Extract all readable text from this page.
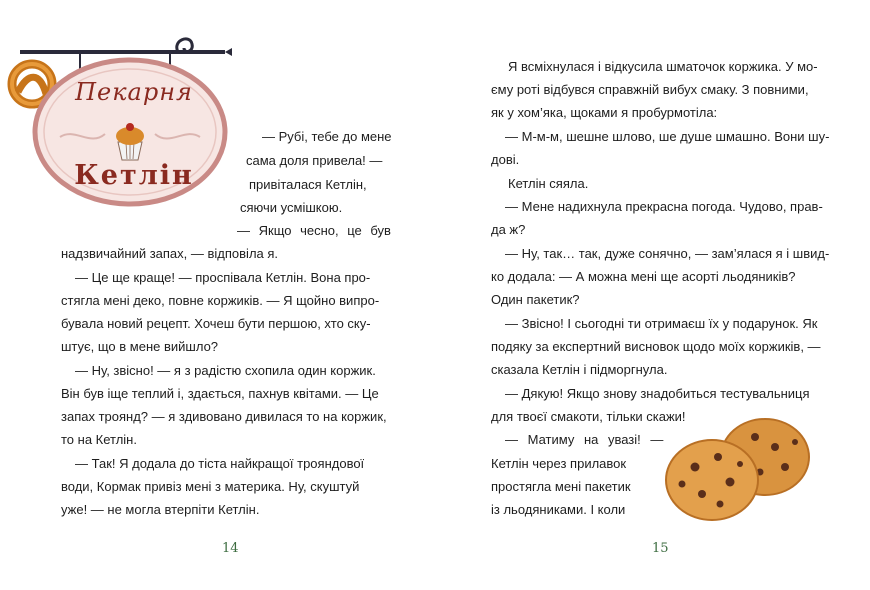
Пекарня
Кетлін
— Рубі, тебе до мене
сама доля привела! —
привіталася Кетлін,
сяючи усмішкою.
— Якщо чесно, це був
надзвичайний запах, — відповіла я.
— Це ще краще! — проспівала Кетлін. Вона про-
стягла мені деко, повне коржиків. — Я щойно випро-
бувала новий рецепт. Хочеш бути першою, хто ску-
штує, що в мене вийшло?
— Ну, звісно! — я з радістю схопила один коржик.
Він був іще теплий і, здається, пахнув квітами. — Це
запах троянд? — я здивовано дивилася то на коржик,
то на Кетлін.
— Так! Я додала до тіста найкращої трояндової
води, Кормак привіз мені з материка. Ну, скуштуй
уже! — не могла втерпіти Кетлін.
14
Я всміхнулася і відкусила шматочок коржика. У мо-
єму роті відбувся справжній вибух смаку. З повними,
як у хом’яка, щоками я пробурмотіла:
— М-м-м, шешне шлово, ше душе шмашно. Вони шу-
дові.
Кетлін сяяла.
— Мене надихнула прекрасна погода. Чудово, прав-
да ж?
— Ну, так… так, дуже сонячно, — зам’ялася я і швид-
ко додала: — А можна мені ще асорті льодяників?
Один пакетик?
— Звісно! І сьогодні ти отримаєш їх у подарунок. Як
подяку за експертний висновок щодо моїх коржиків, —
сказала Кетлін і підморгнула.
— Дякую! Якщо знову знадобиться тестувальниця
для твоєї смакоти, тільки скажи!
— Матиму на увазі! —
Кетлін через прилавок
простягла мені пакетик
із льодяниками. І коли
15
